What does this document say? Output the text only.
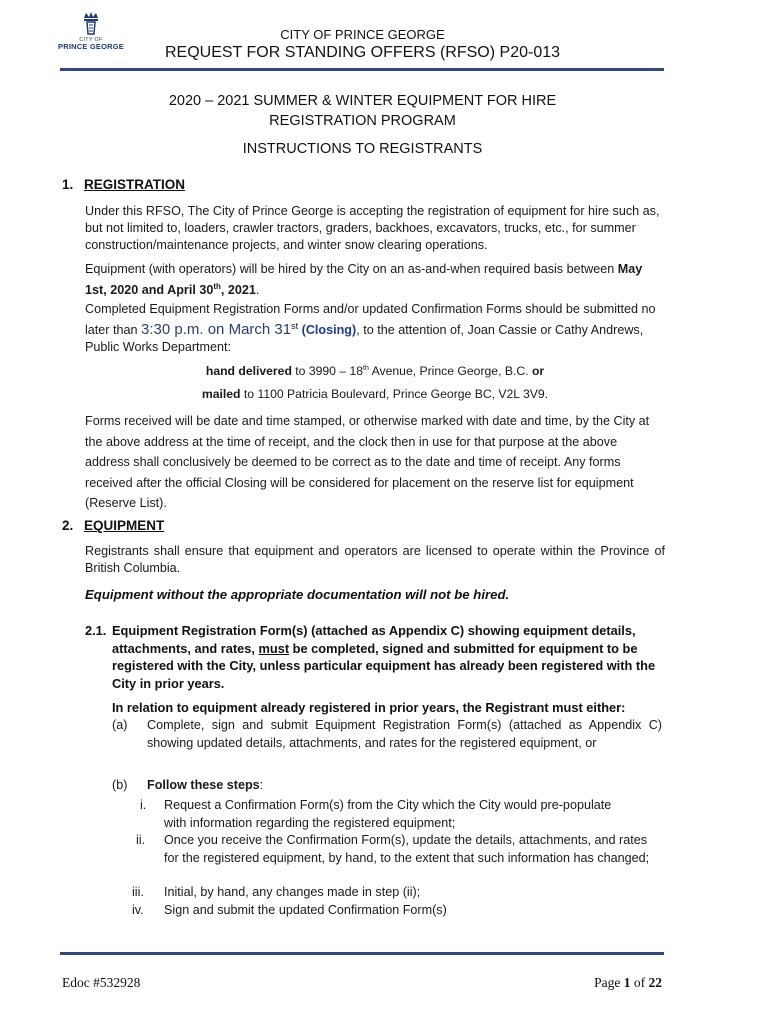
CITY OF
PRINCE GEORGE
CITY OF PRINCE GEORGE
REQUEST FOR STANDING OFFERS (RFSO) P20-013
2020 – 2021 SUMMER & WINTER EQUIPMENT FOR HIRE
REGISTRATION PROGRAM
INSTRUCTIONS TO REGISTRANTS
1. REGISTRATION
Under this RFSO, The City of Prince George is accepting the registration of equipment for hire such as, but not limited to, loaders, crawler tractors, graders, backhoes, excavators, trucks, etc., for summer construction/maintenance projects, and winter snow clearing operations.
Equipment (with operators) will be hired by the City on an as-and-when required basis between May 1st, 2020 and April 30th, 2021.
Completed Equipment Registration Forms and/or updated Confirmation Forms should be submitted no later than 3:30 p.m. on March 31st (Closing), to the attention of, Joan Cassie or Cathy Andrews, Public Works Department:
hand delivered to 3990 – 18th Avenue, Prince George, B.C. or
mailed to 1100 Patricia Boulevard, Prince George BC, V2L 3V9.
Forms received will be date and time stamped, or otherwise marked with date and time, by the City at the above address at the time of receipt, and the clock then in use for that purpose at the above address shall conclusively be deemed to be correct as to the date and time of receipt. Any forms received after the official Closing will be considered for placement on the reserve list for equipment (Reserve List).
2. EQUIPMENT
Registrants shall ensure that equipment and operators are licensed to operate within the Province of British Columbia.
Equipment without the appropriate documentation will not be hired.
2.1. Equipment Registration Form(s) (attached as Appendix C) showing equipment details, attachments, and rates, must be completed, signed and submitted for equipment to be registered with the City, unless particular equipment has already been registered with the City in prior years.
In relation to equipment already registered in prior years, the Registrant must either:
(a) Complete, sign and submit Equipment Registration Form(s) (attached as Appendix C) showing updated details, attachments, and rates for the registered equipment, or
(b) Follow these steps:
i. Request a Confirmation Form(s) from the City which the City would pre-populate with information regarding the registered equipment;
ii. Once you receive the Confirmation Form(s), update the details, attachments, and rates for the registered equipment, by hand, to the extent that such information has changed;
iii. Initial, by hand, any changes made in step (ii);
iv. Sign and submit the updated Confirmation Form(s)
Edoc #532928	Page 1 of 22
